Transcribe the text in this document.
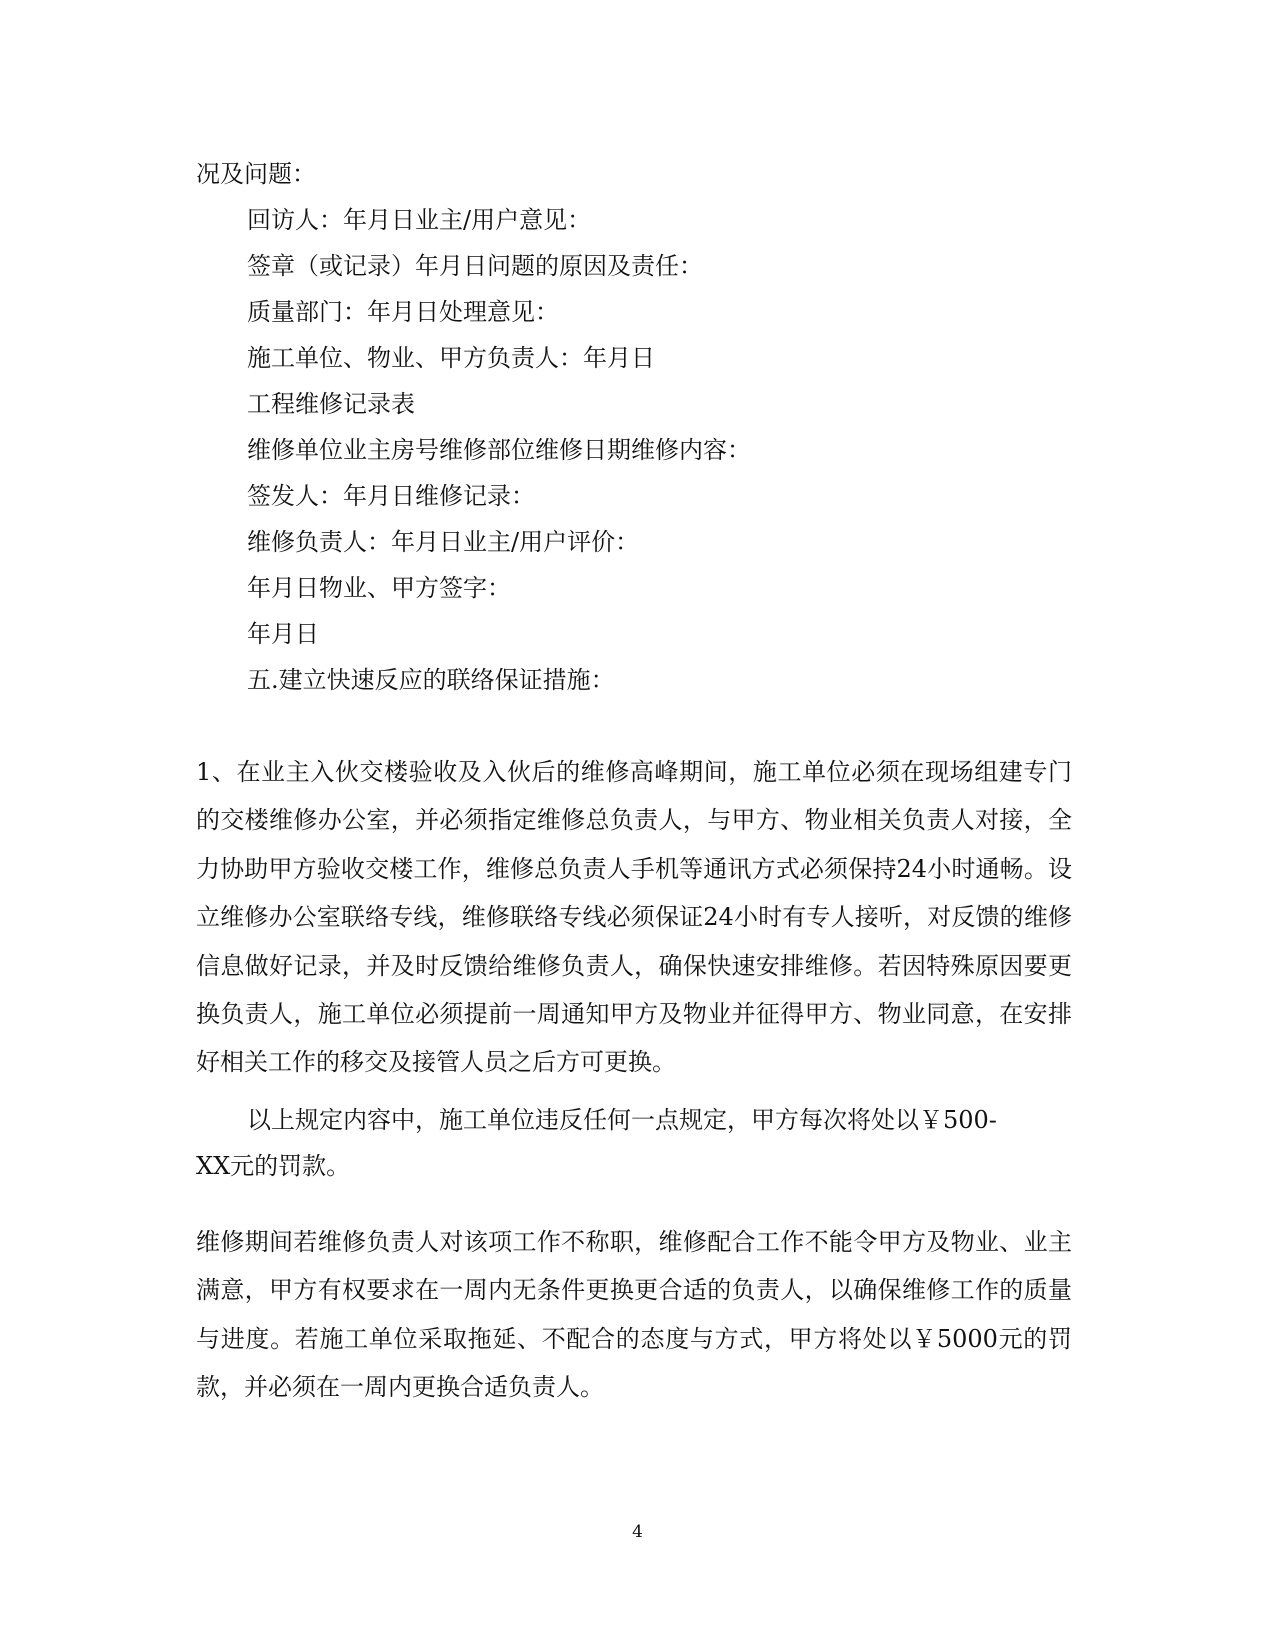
况及问题：
回访人：年月日业主/用户意见：
签章（或记录）年月日问题的原因及责任：
质量部门：年月日处理意见：
施工单位、物业、甲方负责人：年月日
工程维修记录表
维修单位业主房号维修部位维修日期维修内容：
签发人：年月日维修记录：
维修负责人：年月日业主/用户评价：
年月日物业、甲方签字：
年月日
五.建立快速反应的联络保证措施：
1、在业主入伙交楼验收及入伙后的维修高峰期间，施工单位必须在现场组建专门的交楼维修办公室，并必须指定维修总负责人，与甲方、物业相关负责人对接，全力协助甲方验收交楼工作，维修总负责人手机等通讯方式必须保持24小时通畅。设立维修办公室联络专线，维修联络专线必须保证24小时有专人接听，对反馈的维修信息做好记录，并及时反馈给维修负责人，确保快速安排维修。若因特殊原因要更换负责人，施工单位必须提前一周通知甲方及物业并征得甲方、物业同意，在安排好相关工作的移交及接管人员之后方可更换。
以上规定内容中，施工单位违反任何一点规定，甲方每次将处以￥500-
XX元的罚款。
维修期间若维修负责人对该项工作不称职，维修配合工作不能令甲方及物业、业主满意，甲方有权要求在一周内无条件更换更合适的负责人，以确保维修工作的质量与进度。若施工单位采取拖延、不配合的态度与方式，甲方将处以￥5000元的罚款，并必须在一周内更换合适负责人。
4
